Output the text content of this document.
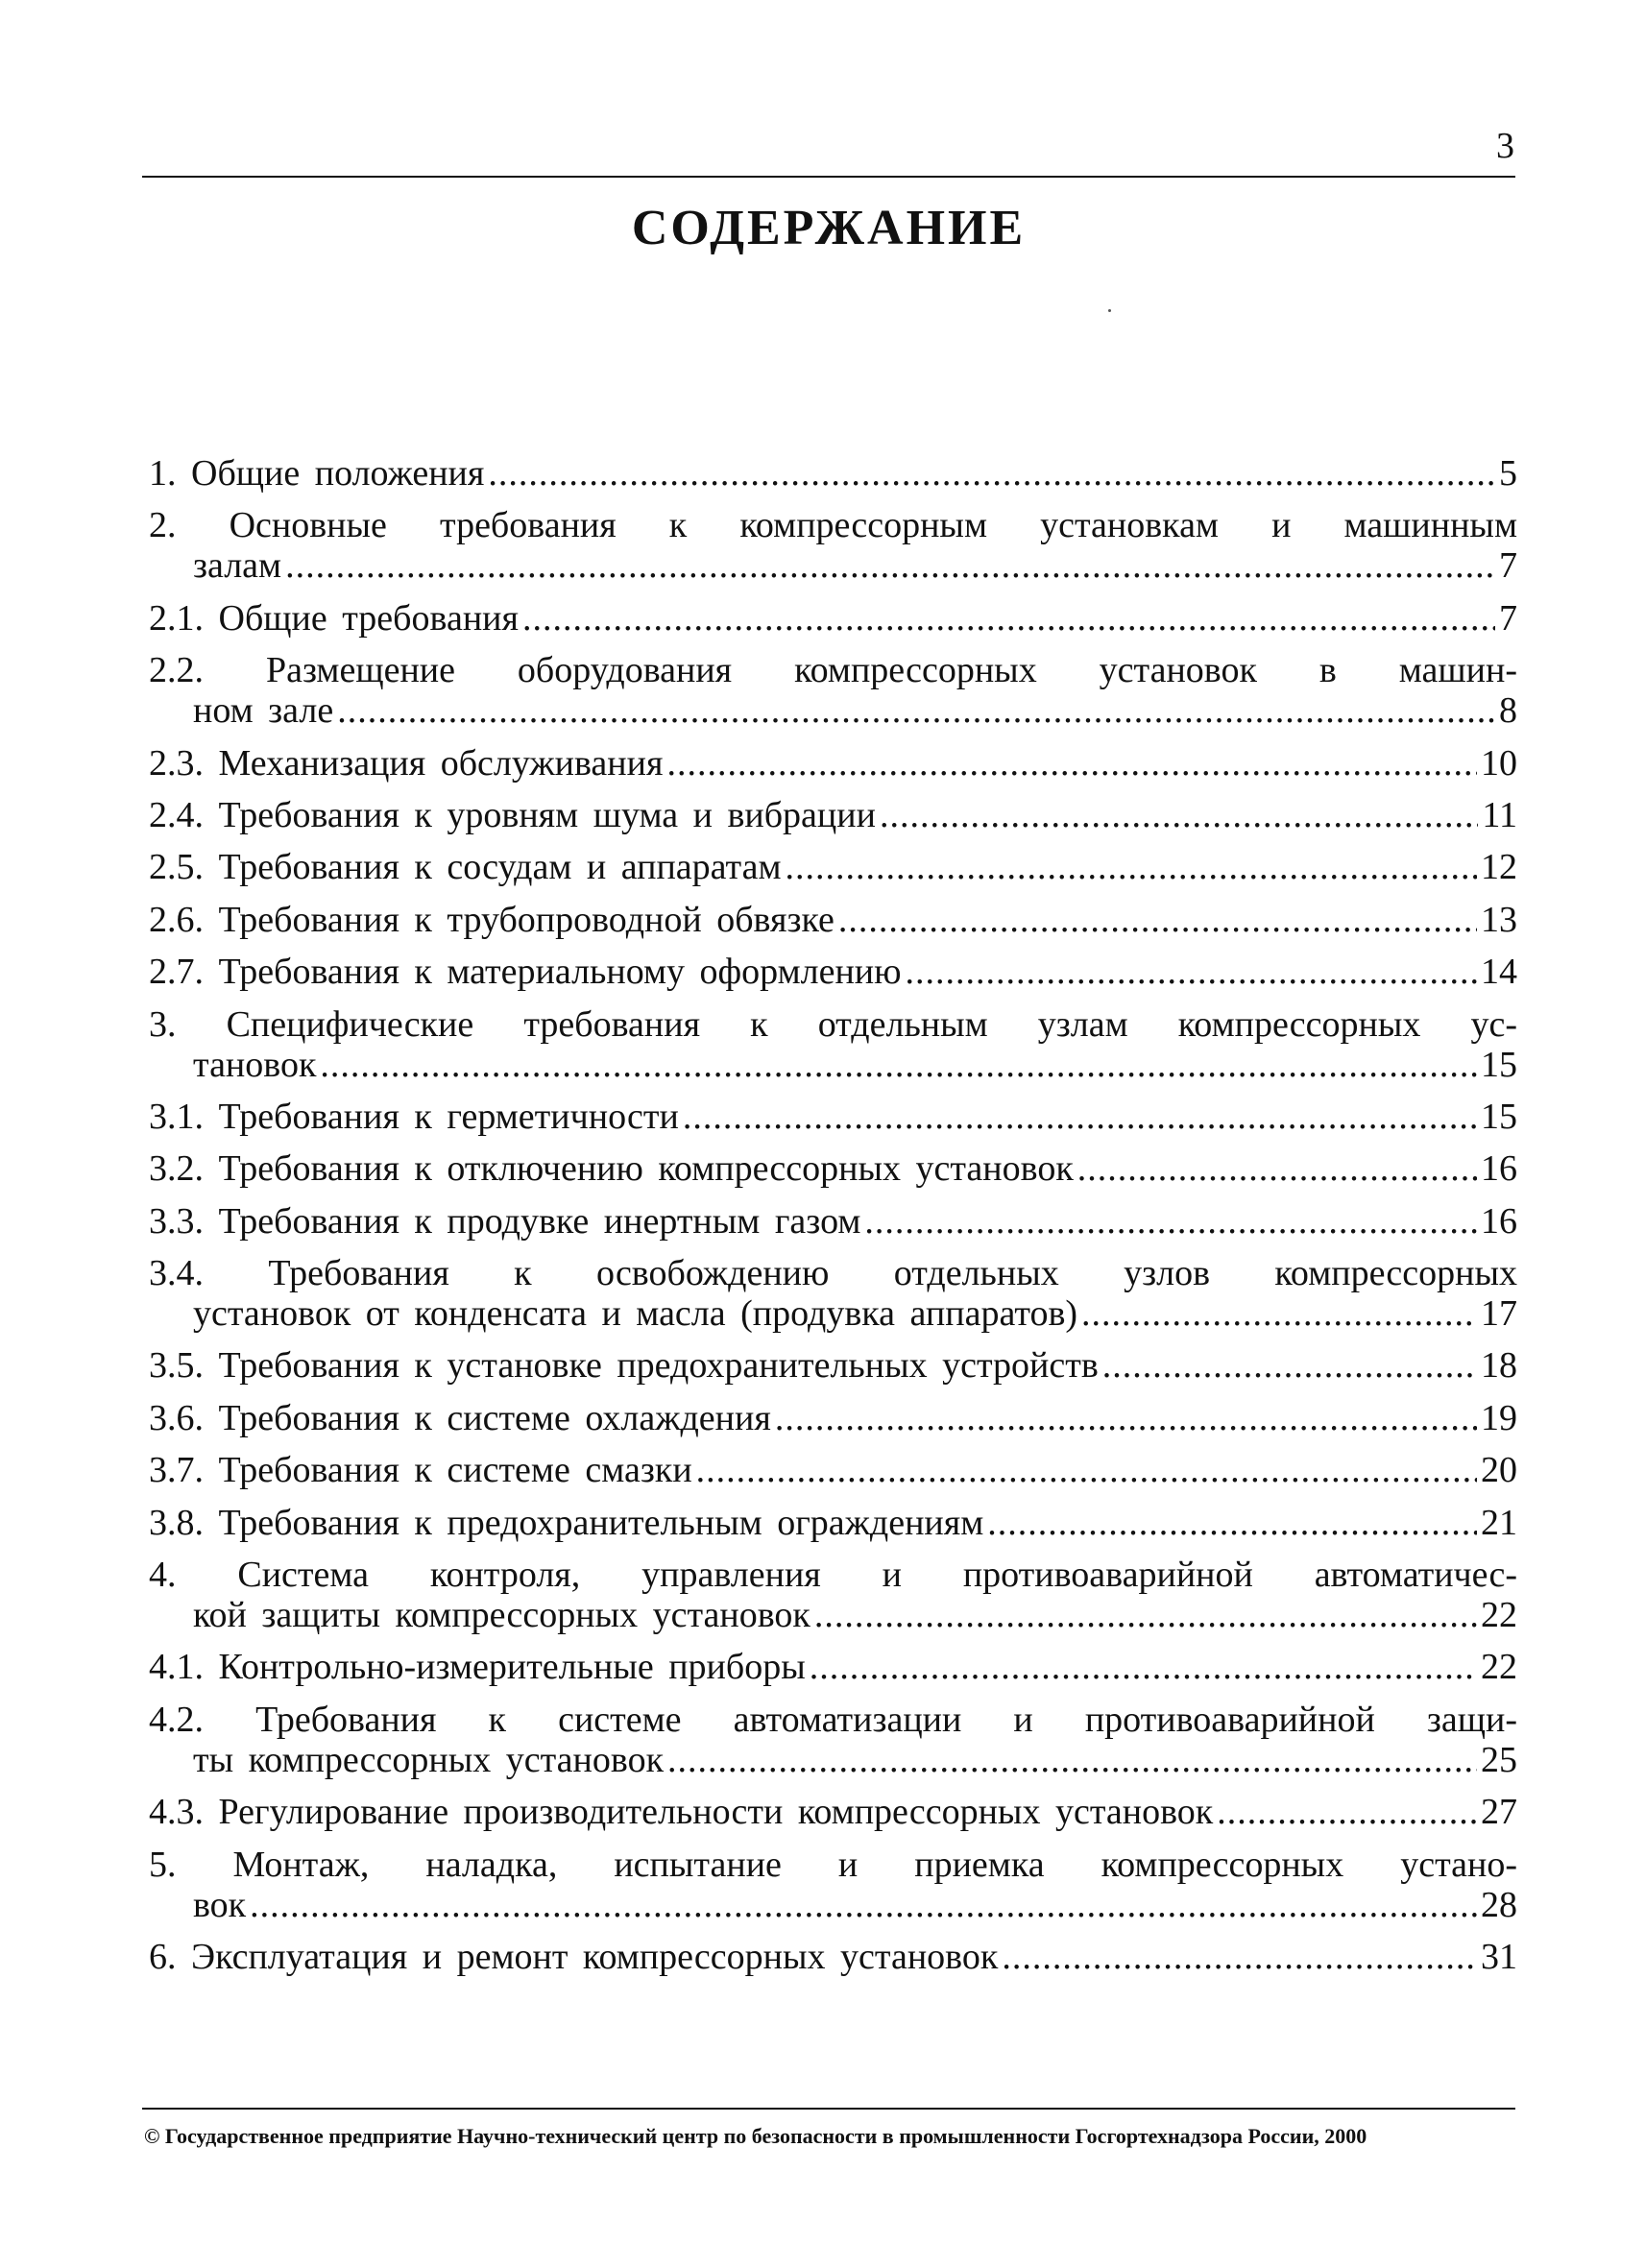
3
СОДЕРЖАНИЕ
1. Общие положения .....	5
2. Основные требования к компрессорным установкам и машинным
залам .....	7
2.1. Общие требования .....	7
2.2. Размещение оборудования компрессорных установок в машин-
ном зале .....	8
2.3. Механизация обслуживания .....	10
2.4. Требования к уровням шума и вибрации .....	11
2.5. Требования к сосудам и аппаратам .....	12
2.6. Требования к трубопроводной обвязке .....	13
2.7. Требования к материальному оформлению .....	14
3. Специфические требования к отдельным узлам компрессорных ус-
тановок .....	15
3.1. Требования к герметичности .....	15
3.2. Требования к отключению компрессорных установок .....	16
3.3. Требования к продувке инертным газом .....	16
3.4. Требования к освобождению отдельных узлов компрессорных
установок от конденсата и масла (продувка аппаратов) .....	17
3.5. Требования к установке предохранительных устройств .....	18
3.6. Требования к системе охлаждения .....	19
3.7. Требования к системе смазки .....	20
3.8. Требования к предохранительным ограждениям .....	21
4. Система контроля, управления и противоаварийной автоматичес-
кой защиты компрессорных установок .....	22
4.1. Контрольно-измерительные приборы .....	22
4.2. Требования к системе автоматизации и противоаварийной защи-
ты компрессорных установок .....	25
4.3. Регулирование производительности компрессорных установок .....	27
5. Монтаж, наладка, испытание и приемка компрессорных устано-
вок .....	28
6. Эксплуатация и ремонт компрессорных установок .....	31
© Государственное предприятие Научно-технический центр по безопасности в промышленности Госгортехнадзора России, 2000
